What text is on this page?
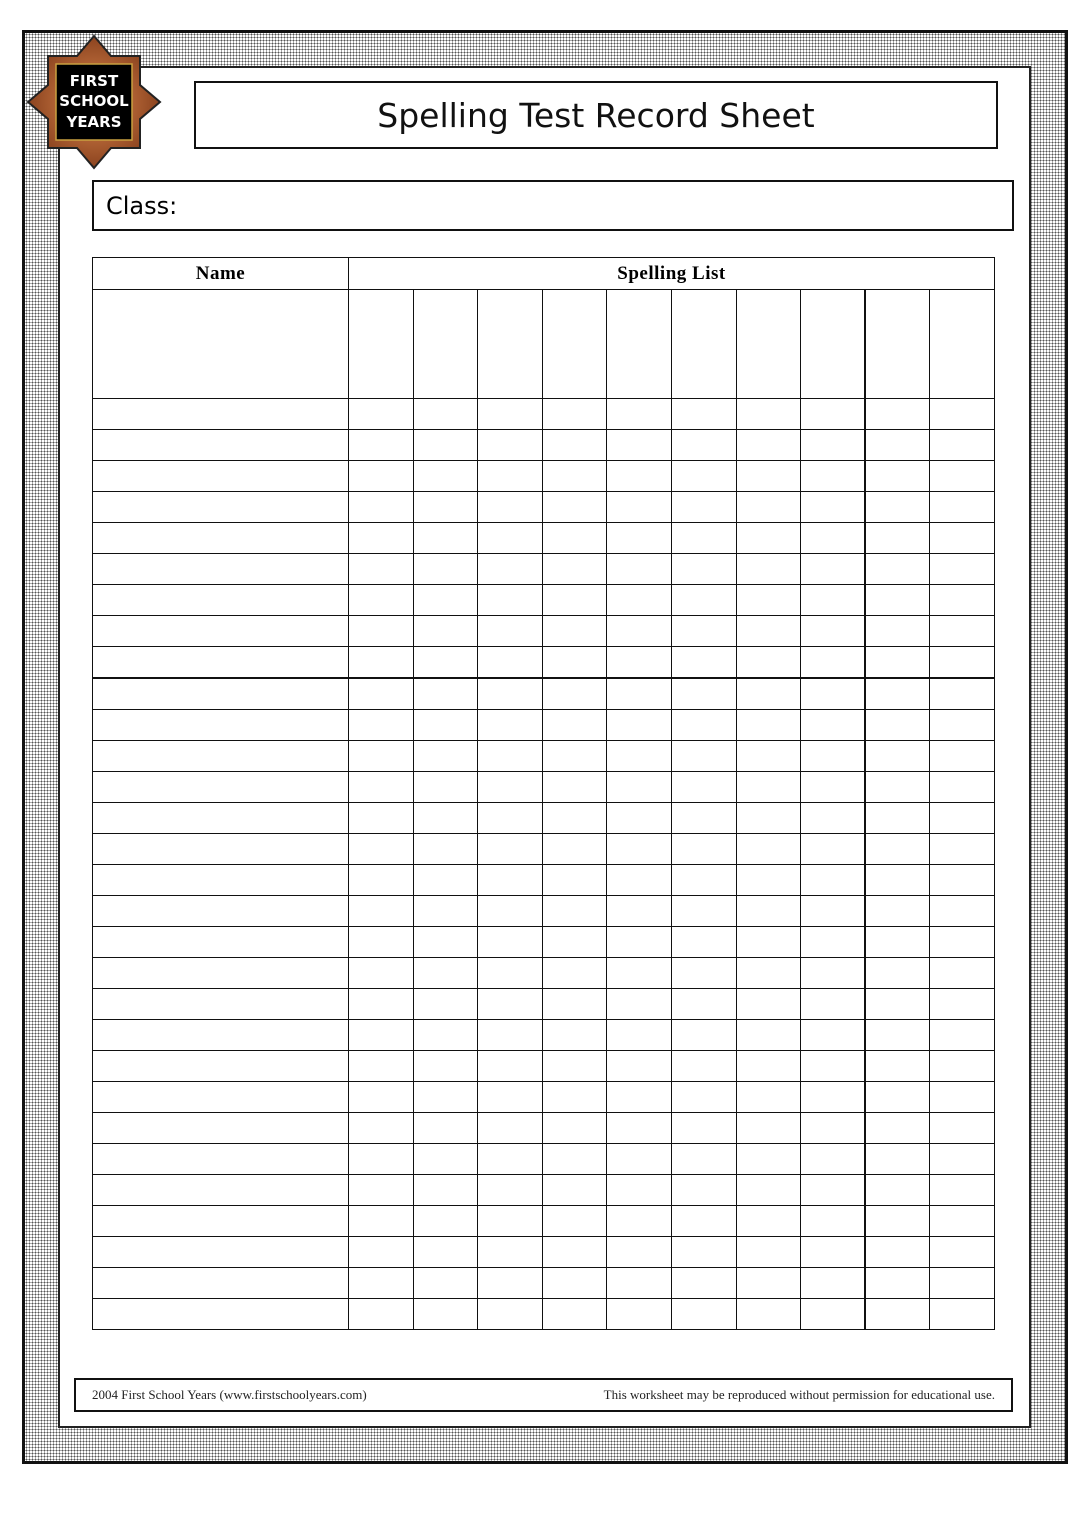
FIRST
SCHOOL
YEARS	Spelling Test Record Sheet
Class:
Name	Spelling List									

2004 First School Years (www.firstschoolyears.com)	This worksheet may be reproduced without permission for educational use.
